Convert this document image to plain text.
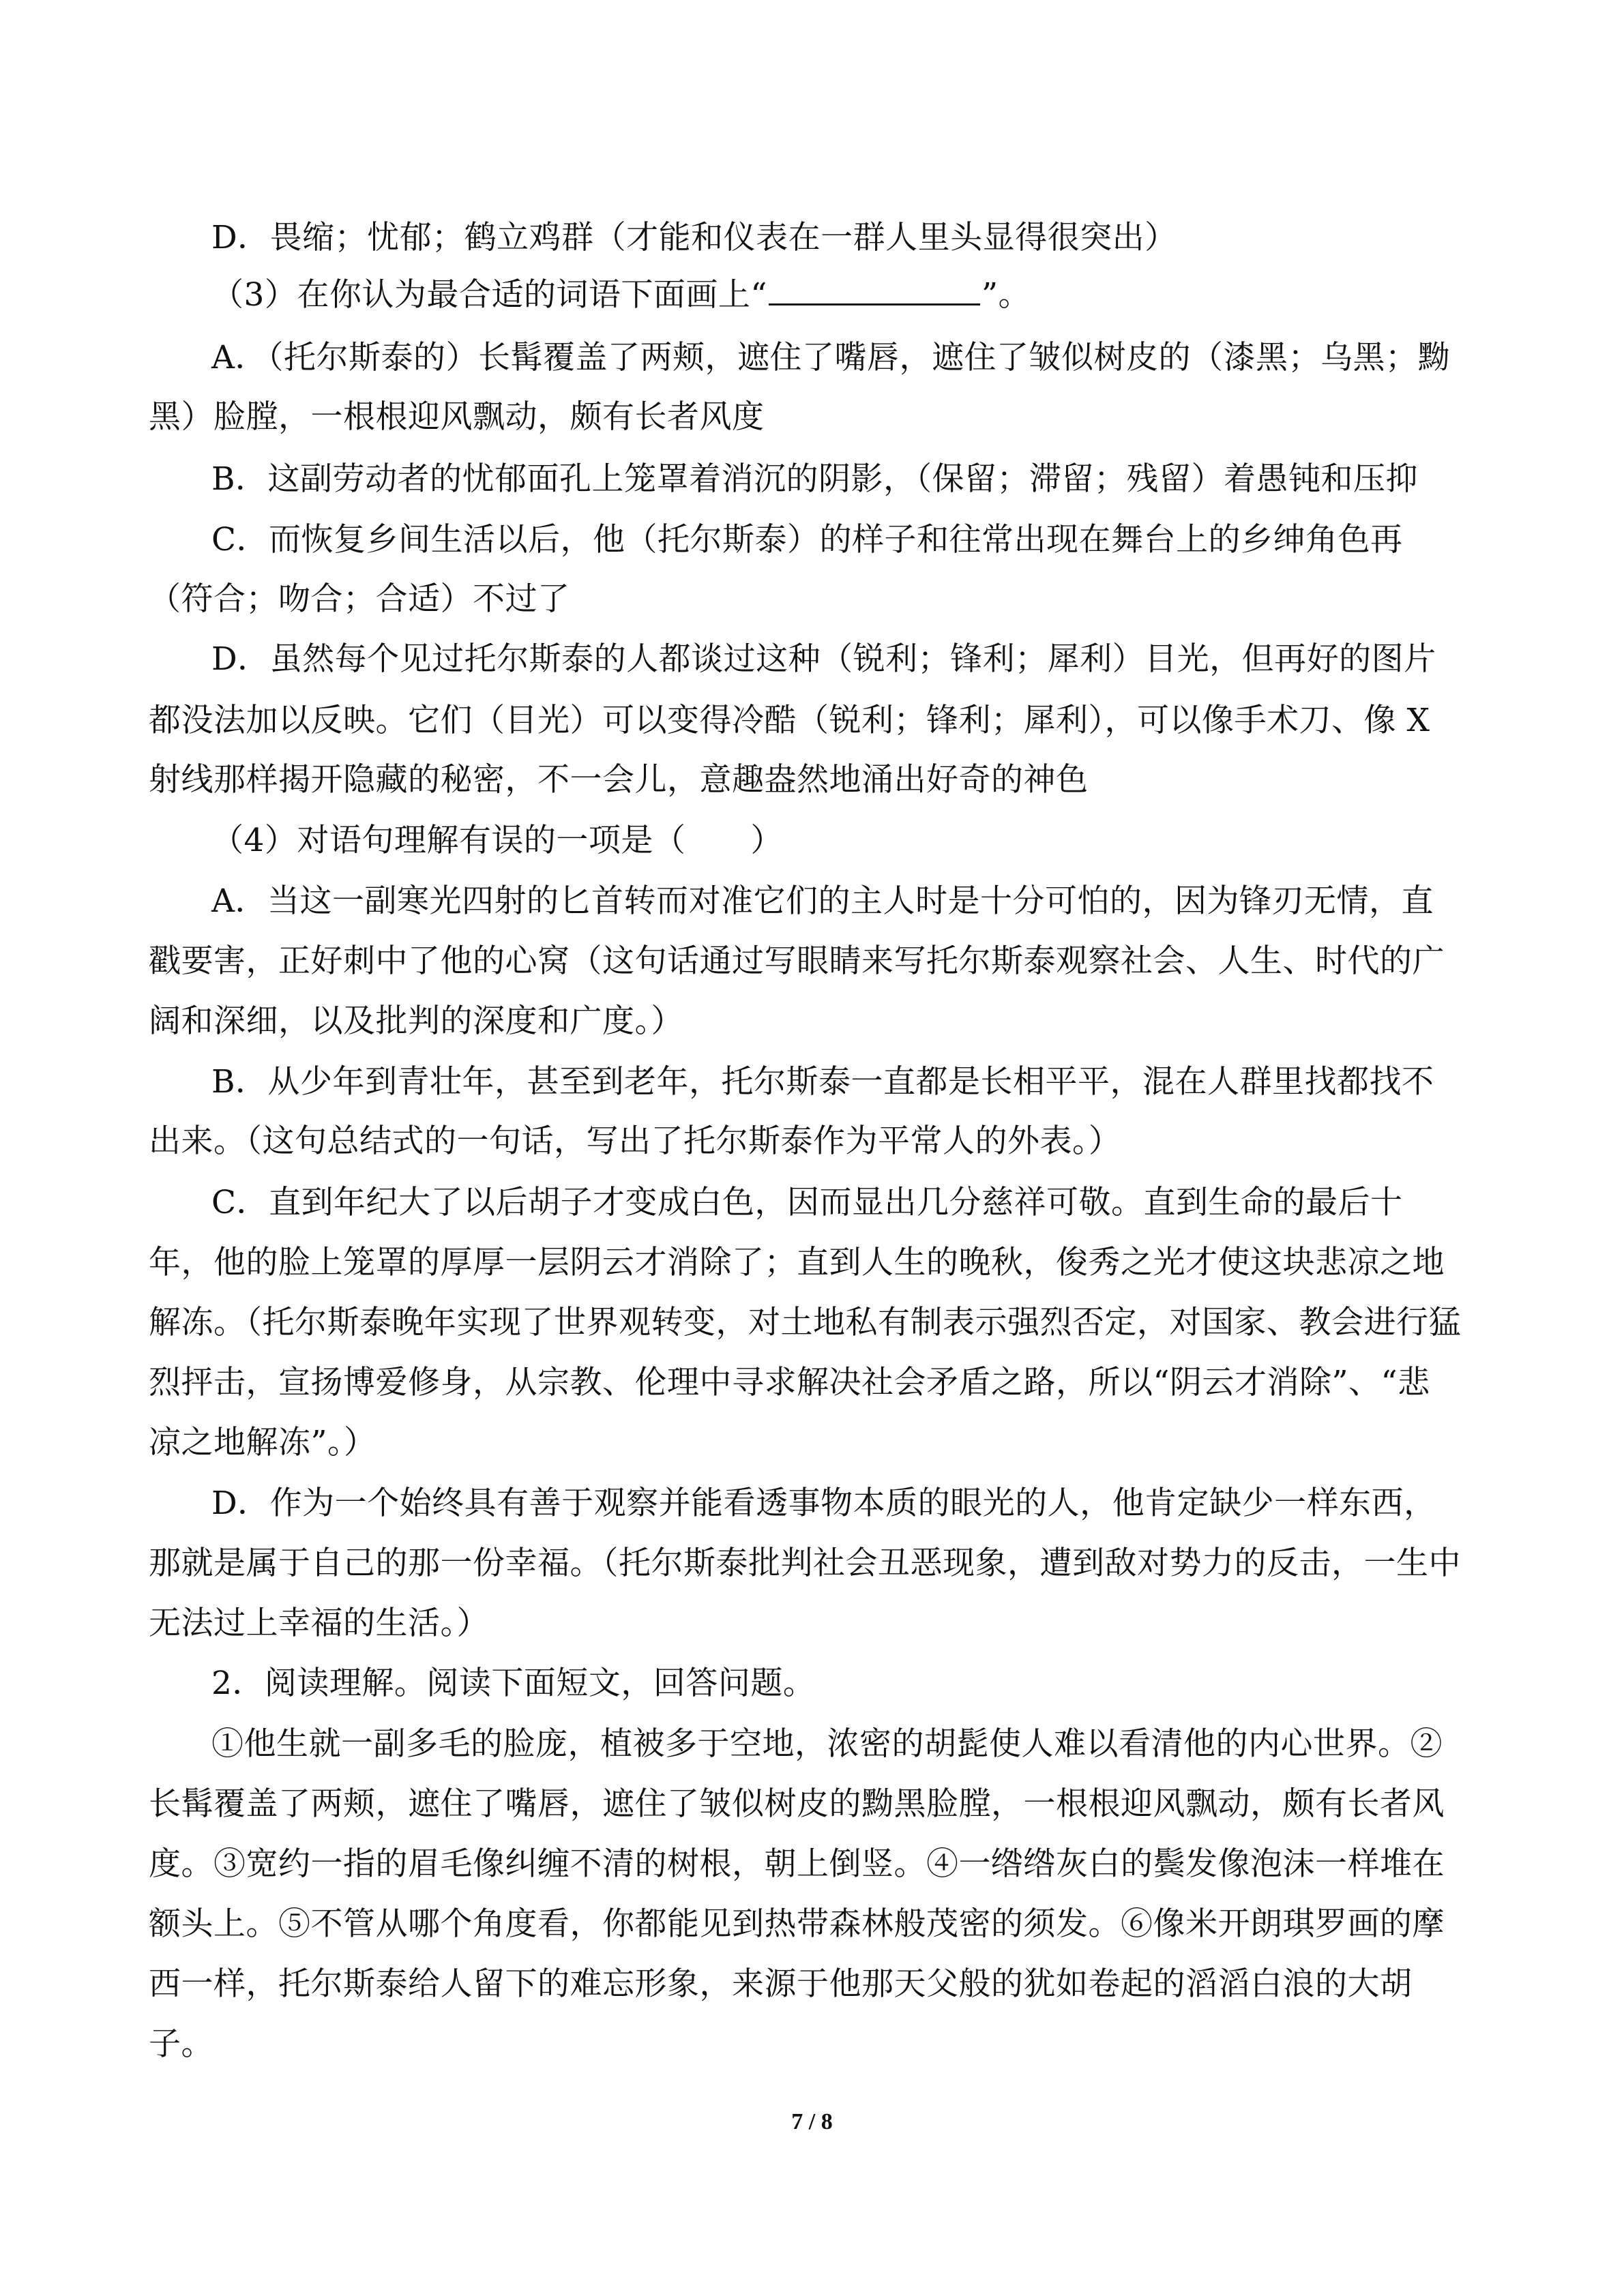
D．畏缩；忧郁；鹤立鸡群（才能和仪表在一群人里头显得很突出）
（3）在你认为最合适的词语下面画上“	”。
A．（托尔斯泰的）长髯覆盖了两颊，遮住了嘴唇，遮住了皱似树皮的（漆黑；乌黑；黝
黑）脸膛，一根根迎风飘动，颇有长者风度
B．这副劳动者的忧郁面孔上笼罩着消沉的阴影，（保留；滞留；残留）着愚钝和压抑
C．而恢复乡间生活以后，他（托尔斯泰）的样子和往常出现在舞台上的乡绅角色再
（符合；吻合；合适）不过了
D．虽然每个见过托尔斯泰的人都谈过这种（锐利；锋利；犀利）目光，但再好的图片
都没法加以反映。它们（目光）可以变得冷酷（锐利；锋利；犀利），可以像手术刀、像 X
射线那样揭开隐藏的秘密，不一会儿，意趣盎然地涌出好奇的神色
（4）对语句理解有误的一项是（　　）
A．当这一副寒光四射的匕首转而对准它们的主人时是十分可怕的，因为锋刃无情，直
戳要害，正好刺中了他的心窝（这句话通过写眼睛来写托尔斯泰观察社会、人生、时代的广
阔和深细，以及批判的深度和广度。）
B．从少年到青壮年，甚至到老年，托尔斯泰一直都是长相平平，混在人群里找都找不
出来。（这句总结式的一句话，写出了托尔斯泰作为平常人的外表。）
C．直到年纪大了以后胡子才变成白色，因而显出几分慈祥可敬。直到生命的最后十
年，他的脸上笼罩的厚厚一层阴云才消除了；直到人生的晚秋，俊秀之光才使这块悲凉之地
解冻。（托尔斯泰晚年实现了世界观转变，对土地私有制表示强烈否定，对国家、教会进行猛
烈抨击，宣扬博爱修身，从宗教、伦理中寻求解决社会矛盾之路，所以“阴云才消除”、“悲
凉之地解冻”。）
D．作为一个始终具有善于观察并能看透事物本质的眼光的人，他肯定缺少一样东西，
那就是属于自己的那一份幸福。（托尔斯泰批判社会丑恶现象，遭到敌对势力的反击，一生中
无法过上幸福的生活。）
2．阅读理解。阅读下面短文，回答问题。
①他生就一副多毛的脸庞，植被多于空地，浓密的胡髭使人难以看清他的内心世界。②
长髯覆盖了两颊，遮住了嘴唇，遮住了皱似树皮的黝黑脸膛，一根根迎风飘动，颇有长者风
度。③宽约一指的眉毛像纠缠不清的树根，朝上倒竖。④一绺绺灰白的鬓发像泡沫一样堆在
额头上。⑤不管从哪个角度看，你都能见到热带森林般茂密的须发。⑥像米开朗琪罗画的摩
西一样，托尔斯泰给人留下的难忘形象，来源于他那天父般的犹如卷起的滔滔白浪的大胡
子。
7 / 8
